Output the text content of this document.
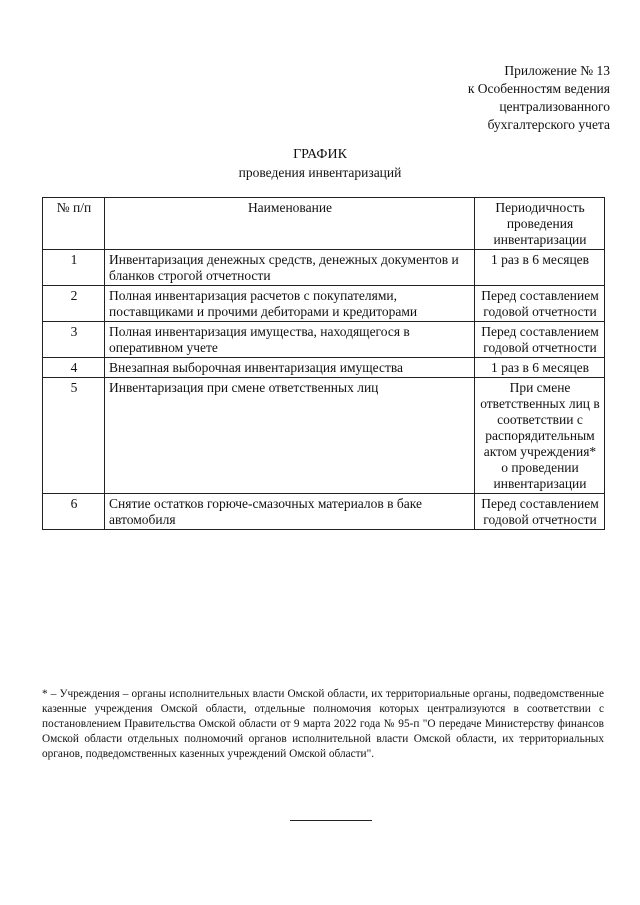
Приложение № 13
к Особенностям ведения
централизованного
бухгалтерского учета
ГРАФИК
проведения инвентаризаций
№ п/п	Наименование	Периодичность проведения инвентаризации
1	Инвентаризация денежных средств, денежных документов и бланков строгой отчетности	1 раз в 6 месяцев
2	Полная инвентаризация расчетов с покупателями, поставщиками и прочими дебиторами и кредиторами	Перед составлением годовой отчетности
3	Полная инвентаризация имущества, находящегося в оперативном учете	Перед составлением годовой отчетности
4	Внезапная выборочная инвентаризация имущества	1 раз в 6 месяцев
5	Инвентаризация при смене ответственных лиц	При смене ответственных лиц в соответствии с распорядительным актом учреждения* о проведении инвентаризации
6	Снятие остатков горюче-смазочных материалов в баке автомобиля	Перед составлением годовой отчетности
* – Учреждения – органы исполнительных власти Омской области, их территориальные органы, подведомственные казенные учреждения Омской области, отдельные полномочия которых централизуются в соответствии с постановлением Правительства Омской области от 9 марта 2022 года № 95-п "О передаче Министерству финансов Омской области отдельных полномочий органов исполнительной власти Омской области, их территориальных органов, подведомственных казенных учреждений Омской области".
